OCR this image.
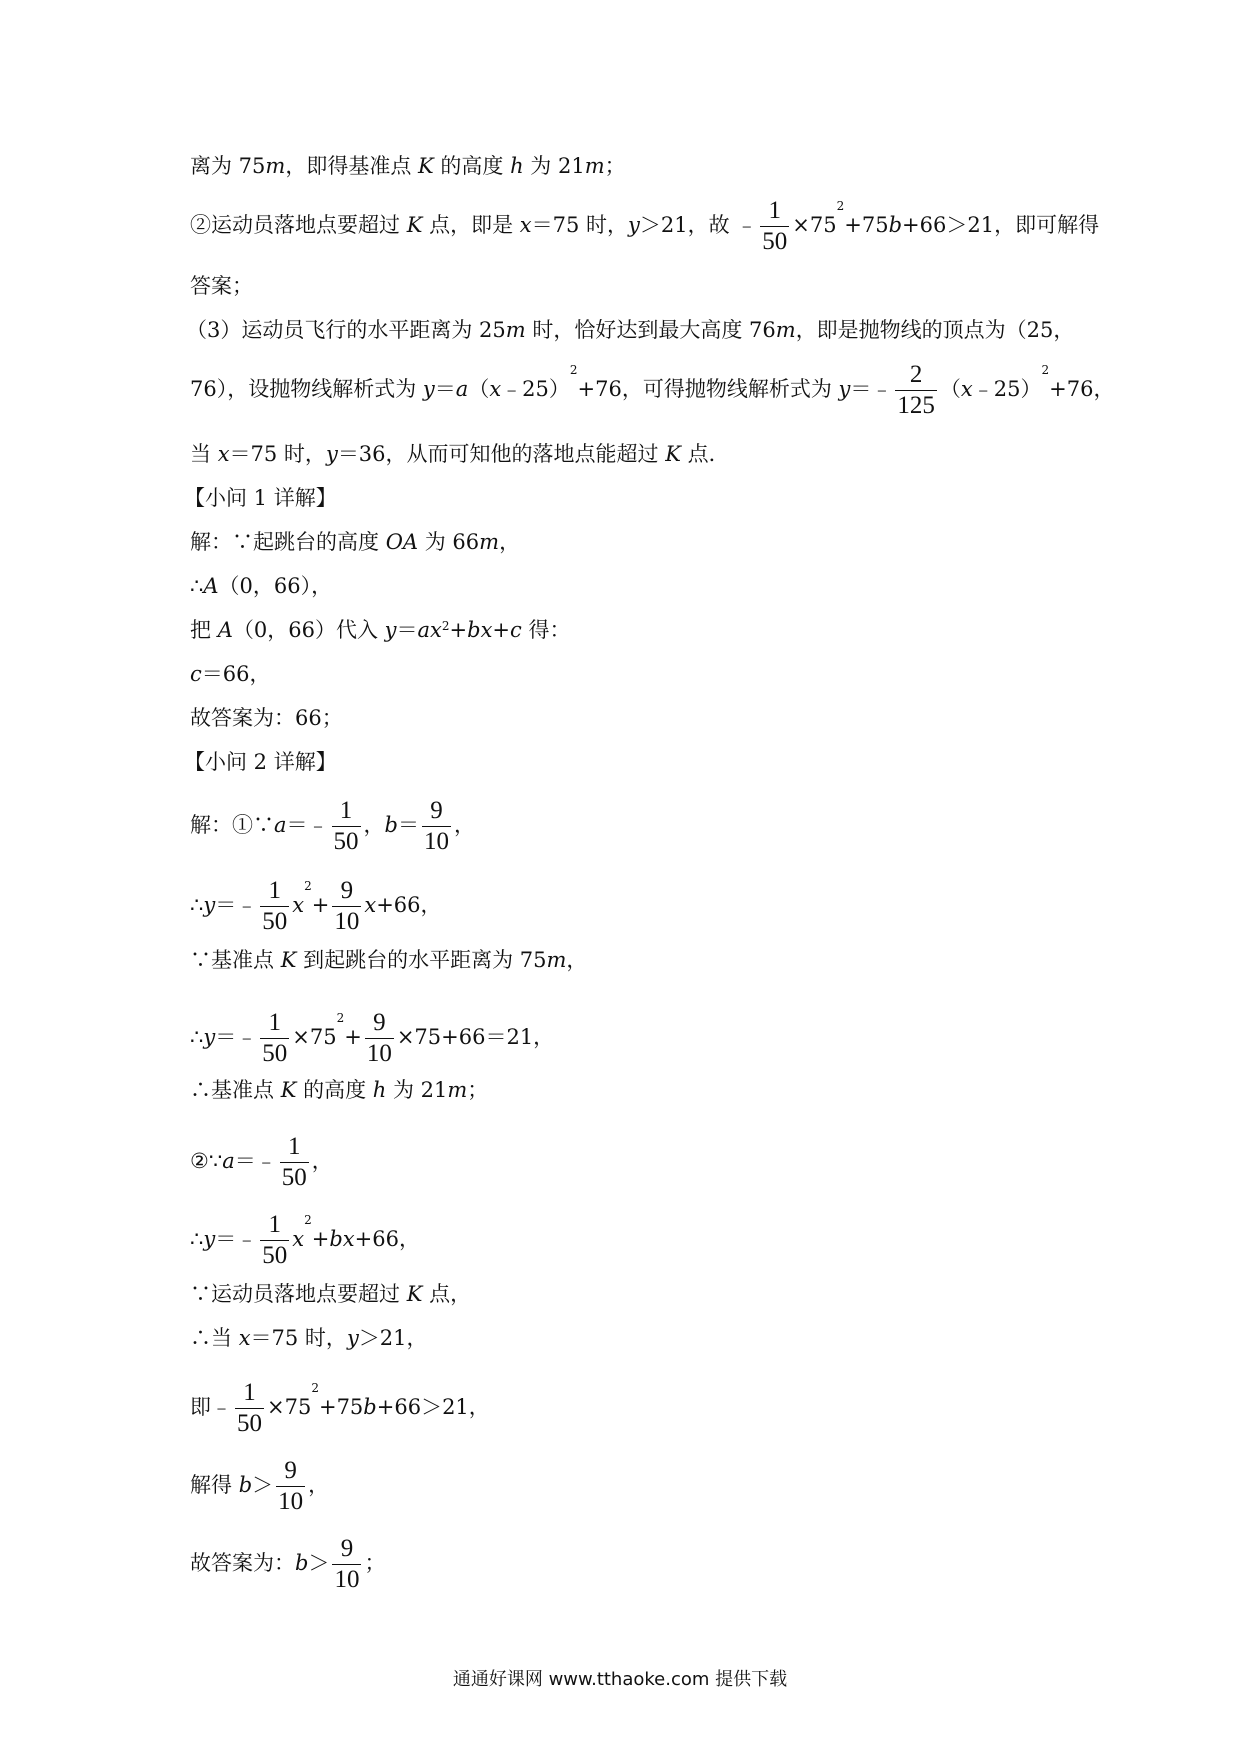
离为 75m，即得基准点 K 的高度 h 为 21m；
②运动员落地点要超过 K 点，即是 x＝75 时，y＞21，故 ﹣ $\frac{1}{50} \times 75^2+75b+66>21$，即可解得
答案；
（3）运动员飞行的水平距离为 25m 时，恰好达到最大高度 76m，即是抛物线的顶点为（25，
76），设抛物线解析式为 y＝a（x﹣25）$^2$+76，可得抛物线解析式为 y＝﹣ $\frac{2}{125}$ （x﹣25）$^2$+76，
当 x＝75 时，y＝36，从而可知他的落地点能超过 K 点．
【小问 1 详解】
解：∵起跳台的高度 OA 为 66m，
∴A（0，66），
把 A（0，66）代入 $y=ax^2+bx+c$ 得：
c＝66，
故答案为：66；
【小问 2 详解】
解：①∵a＝﹣ $\frac{1}{50}$ ，$b= \frac{9}{10}$ ，
∴y＝﹣ $\frac{1}{50} x^2+ \frac{9}{10} x+66$，
∵基准点 K 到起跳台的水平距离为 75m，
∴y＝﹣ $\frac{1}{50} \times 75^2+ \frac{9}{10} \times 75+66=21$，
∴基准点 K 的高度 h 为 21m；
②∵a＝﹣ $\frac{1}{50}$ ，
∴y＝﹣ $\frac{1}{50} x^2+bx+66$，
∵运动员落地点要超过 K 点，
∴当 x＝75 时，y＞21，
即﹣ $\frac{1}{50} \times 75^2+75b+66>21$，
解得 $b> \frac{9}{10}$ ，
故答案为：$b> \frac{9}{10}$ ；
通通好课网 www.tthaoke.com 提供下载
